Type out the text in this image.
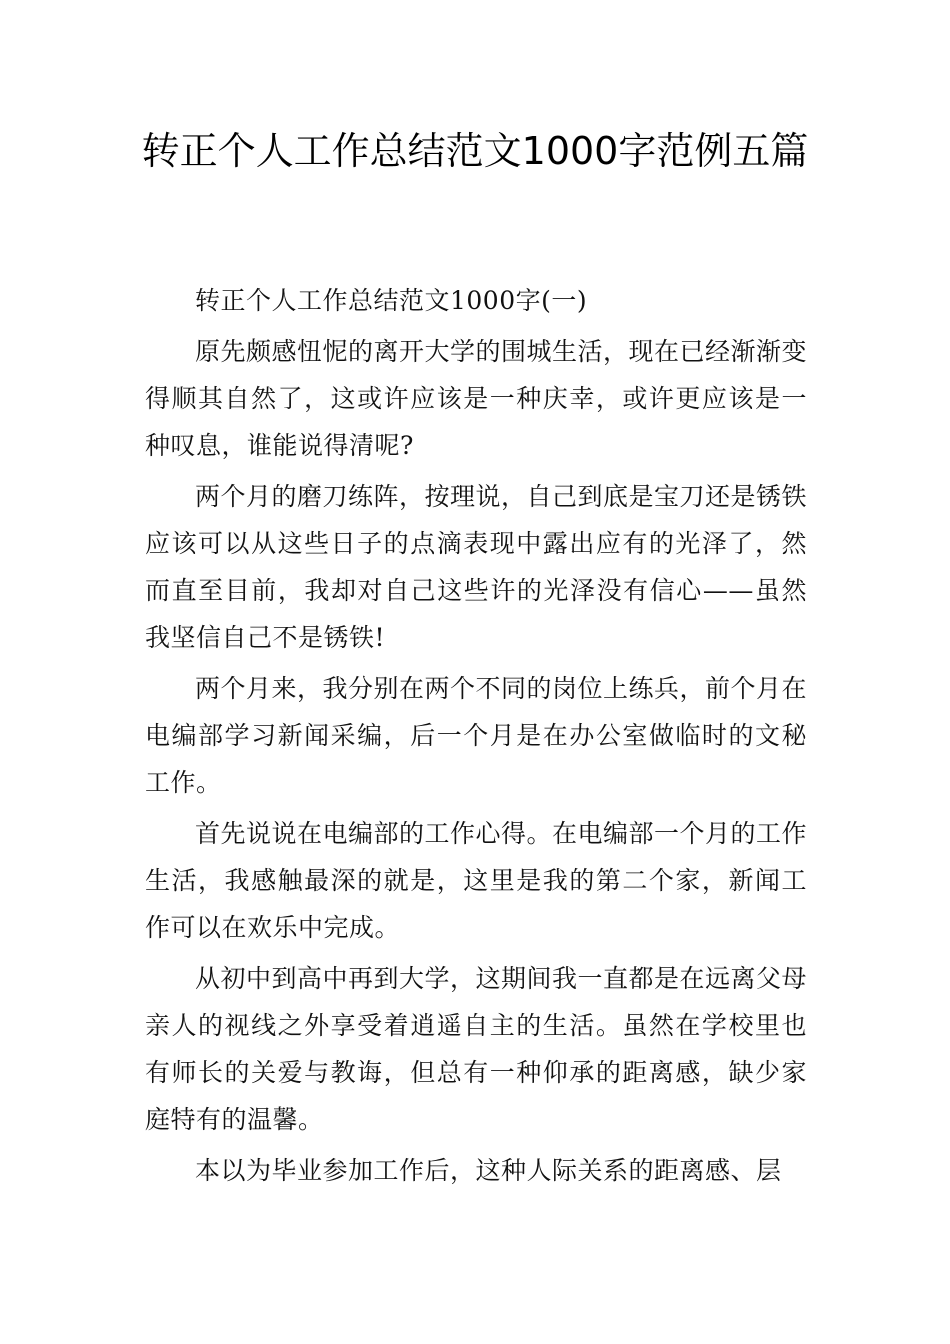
转正个人工作总结范文1000字范例五篇

转正个人工作总结范文1000字(一)

原先颇感忸怩的离开大学的围城生活，现在已经渐渐变得顺其自然了，这或许应该是一种庆幸，或许更应该是一种叹息，谁能说得清呢?

两个月的磨刀练阵，按理说，自己到底是宝刀还是锈铁应该可以从这些日子的点滴表现中露出应有的光泽了，然而直至目前，我却对自己这些许的光泽没有信心——虽然我坚信自己不是锈铁!

两个月来，我分别在两个不同的岗位上练兵，前个月在电编部学习新闻采编，后一个月是在办公室做临时的文秘工作。

首先说说在电编部的工作心得。在电编部一个月的工作生活，我感触最深的就是，这里是我的第二个家，新闻工作可以在欢乐中完成。

从初中到高中再到大学，这期间我一直都是在远离父母亲人的视线之外享受着逍遥自主的生活。虽然在学校里也有师长的关爱与教诲，但总有一种仰承的距离感，缺少家庭特有的温馨。

本以为毕业参加工作后，这种人际关系的距离感、层
